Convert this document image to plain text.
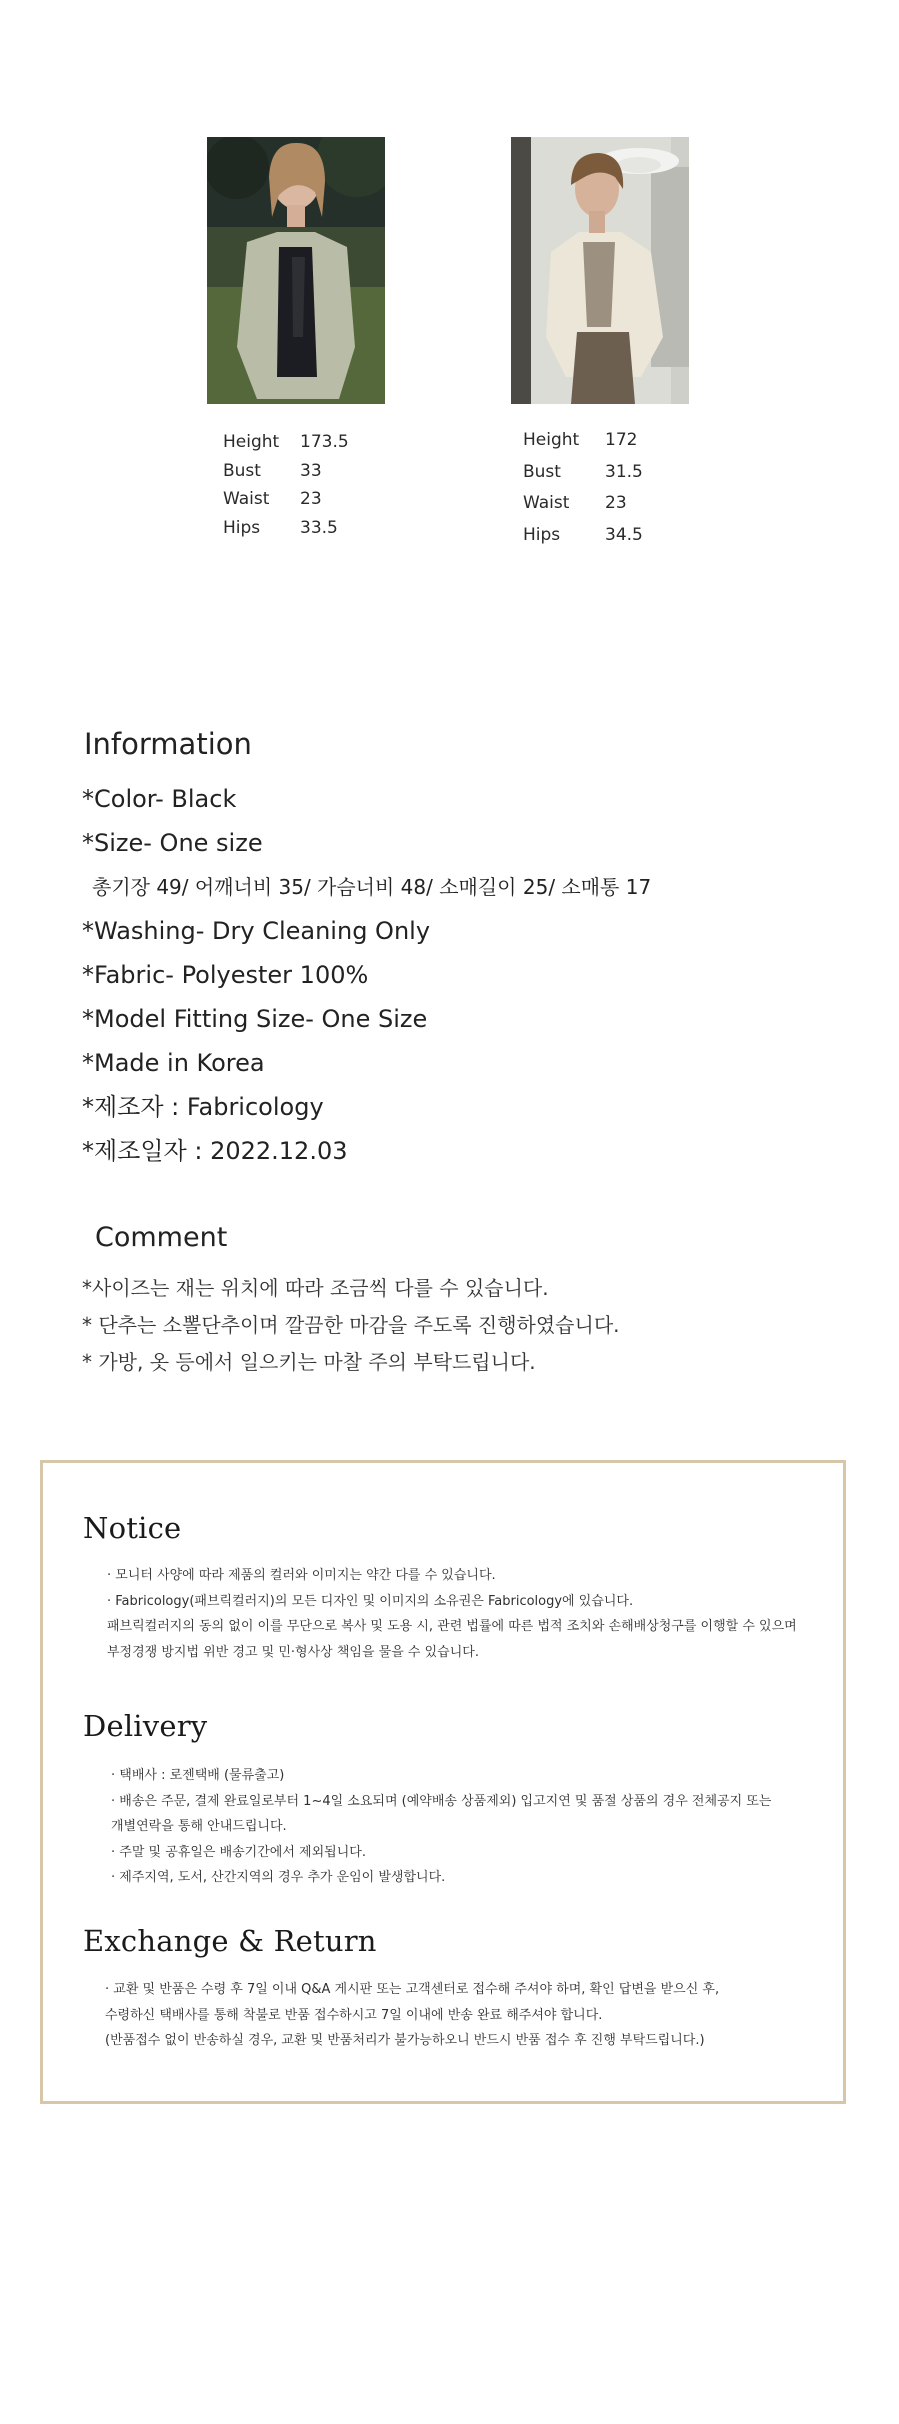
Height 173.5
Bust 33
Waist 23
Hips 33.5
Height 172
Bust	31.5
Waist 23
Hips	34.5
Information
*Color- Black
*Size- One size
총기장 49/ 어깨너비 35/ 가슴너비 48/ 소매길이 25/ 소매통 17
*Washing- Dry Cleaning Only
*Fabric- Polyester 100%
*Model Fitting Size- One Size
*Made in Korea
*제조자 : Fabricology
*제조일자 : 2022.12.03
Comment
*사이즈는 재는 위치에 따라 조금씩 다를 수 있습니다.
* 단추는 소뽈단추이며 깔끔한 마감을 주도록 진행하였습니다.
* 가방, 옷 등에서 일으키는 마찰 주의 부탁드립니다.
Notice
· 모니터 사양에 따라 제품의 컬러와 이미지는 약간 다를 수 있습니다.
· Fabricology(패브릭컬러지)의 모든 디자인 및 이미지의 소유권은 Fabricology에 있습니다.
패브릭컬러지의 동의 없이 이를 무단으로 복사 및 도용 시, 관련 법률에 따른 법적 조치와 손해배상청구를 이행할 수 있으며
부정경쟁 방지법 위반 경고 및 민·형사상 책임을 물을 수 있습니다.
Delivery
· 택배사 : 로젠택배 (물류출고)
· 배송은 주문, 결제 완료일로부터 1~4일 소요되며 (예약배송 상품제외) 입고지연 및 품절 상품의 경우 전체공지 또는
개별연락을 통해 안내드립니다.
· 주말 및 공휴일은 배송기간에서 제외됩니다.
· 제주지역, 도서, 산간지역의 경우 추가 운임이 발생합니다.
Exchange & Return
· 교환 및 반품은 수령 후 7일 이내 Q&A 게시판 또는 고객센터로 접수해 주셔야 하며, 확인 답변을 받으신 후,
수령하신 택배사를 통해 착불로 반품 접수하시고 7일 이내에 반송 완료 해주셔야 합니다.
(반품접수 없이 반송하실 경우, 교환 및 반품처리가 불가능하오니 반드시 반품 접수 후 진행 부탁드립니다.)
